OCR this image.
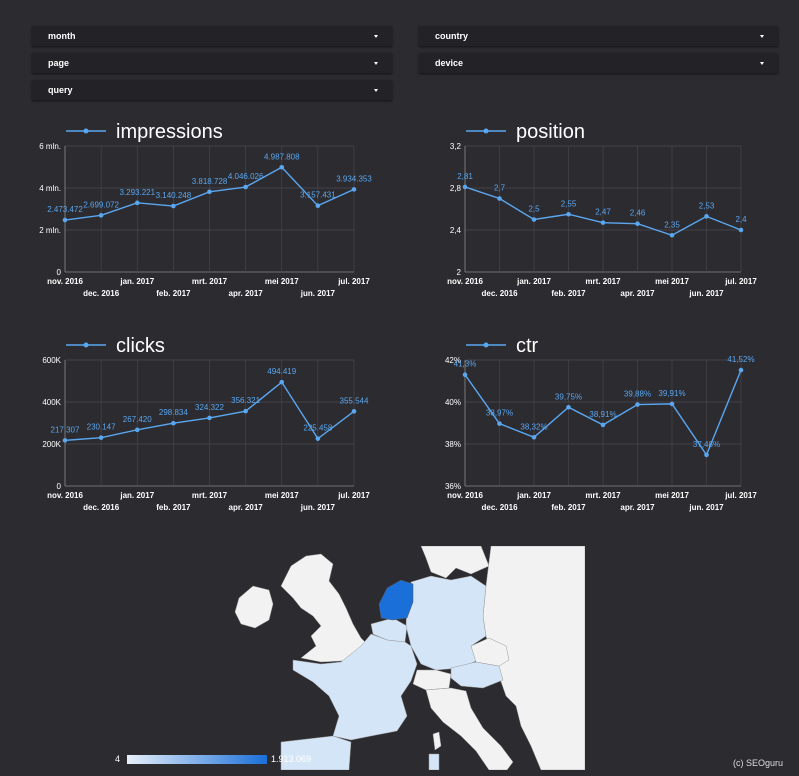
month
page
query
country
device
impressions
0
2 mln.
4 mln.
6 mln.
nov. 2016
dec. 2016
jan. 2017
feb. 2017
mrt. 2017
apr. 2017
mei 2017
jun. 2017
jul. 2017
2.473.472
2.699.072
3.293.221 3.140.248
3.818.728
4.046.026
4.987.808
3.157.431
3.934.353
position
2
2,4
2,8
3,2
nov. 2016
dec. 2016
jan. 2017
feb. 2017
mrt. 2017
apr. 2017
mei 2017
jun. 2017
jul. 2017
2,81
2,7
2,5
2,55
2,47 2,46
2,35
2,53
2,4
clicks
0
200K
400K
600K
nov. 2016
dec. 2016
jan. 2017
feb. 2017
mrt. 2017
apr. 2017
mei 2017
jun. 2017
jul. 2017
217.307 230.147
267.420
298.834
324.322
356.321
494.419
225.458
355.544
ctr
36%
38%
40%
42%
nov. 2016
dec. 2016
jan. 2017
feb. 2017
mrt. 2017
apr. 2017
mei 2017
jun. 2017
jul. 2017
41,3%
38,97%
38,32%
39,75%
38,91%
39,88% 39,91%
37,48%
41,52%
4	1.913.069	(c) SEOguru
